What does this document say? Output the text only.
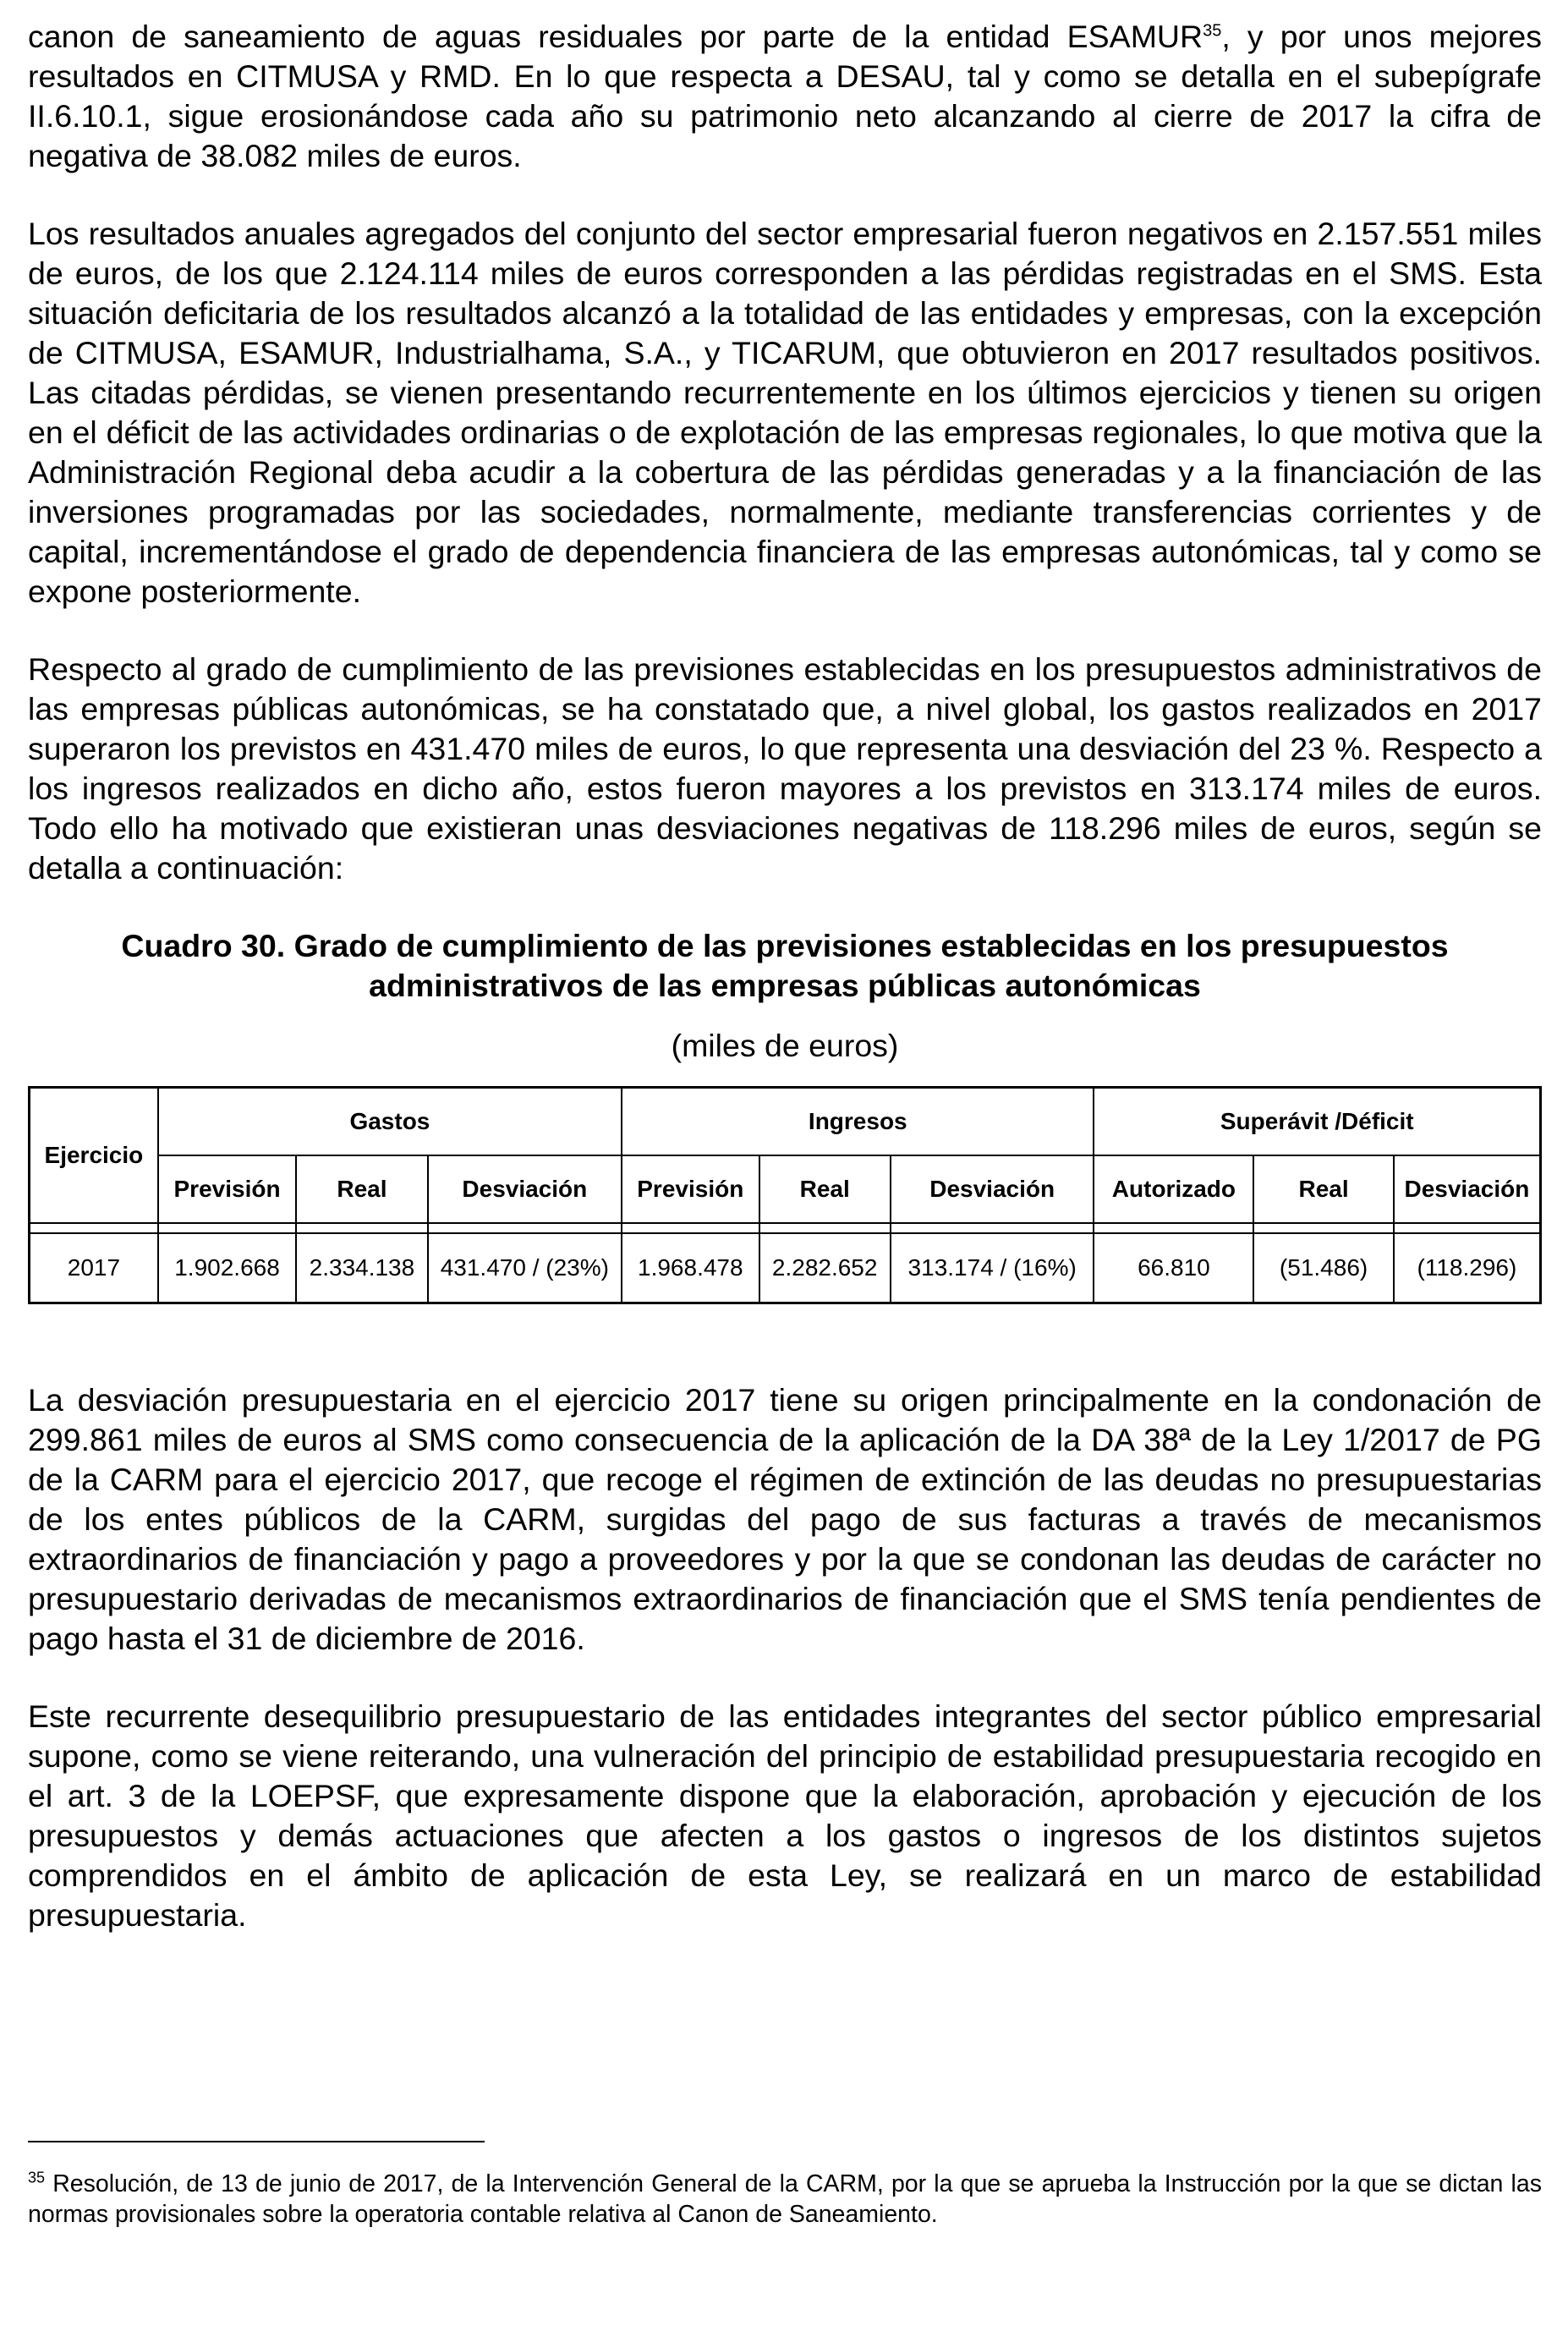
canon de saneamiento de aguas residuales por parte de la entidad ESAMUR$^{35}$, y por unos mejores resultados en CITMUSA y RMD. En lo que respecta a DESAU, tal y como se detalla en el subepígrafe II.6.10.1, sigue erosionándose cada año su patrimonio neto alcanzando al cierre de 2017 la cifra de negativa de 38.082 miles de euros.

Los resultados anuales agregados del conjunto del sector empresarial fueron negativos en 2.157.551 miles de euros, de los que 2.124.114 miles de euros corresponden a las pérdidas registradas en el SMS. Esta situación deficitaria de los resultados alcanzó a la totalidad de las entidades y empresas, con la excepción de CITMUSA, ESAMUR, Industrialhama, S.A., y TICARUM, que obtuvieron en 2017 resultados positivos. Las citadas pérdidas, se vienen presentando recurrentemente en los últimos ejercicios y tienen su origen en el déficit de las actividades ordinarias o de explotación de las empresas regionales, lo que motiva que la Administración Regional deba acudir a la cobertura de las pérdidas generadas y a la financiación de las inversiones programadas por las sociedades, normalmente, mediante transferencias corrientes y de capital, incrementándose el grado de dependencia financiera de las empresas autonómicas, tal y como se expone posteriormente.

Respecto al grado de cumplimiento de las previsiones establecidas en los presupuestos administrativos de las empresas públicas autonómicas, se ha constatado que, a nivel global, los gastos realizados en 2017 superaron los previstos en 431.470 miles de euros, lo que representa una desviación del 23 %. Respecto a los ingresos realizados en dicho año, estos fueron mayores a los previstos en 313.174 miles de euros. Todo ello ha motivado que existieran unas desviaciones negativas de 118.296 miles de euros, según se detalla a continuación:

Cuadro 30. Grado de cumplimiento de las previsiones establecidas en los presupuestos
administrativos de las empresas públicas autonómicas
(miles de euros)
Ejercicio	Gastos			Ingresos			Superávit /Déficit		
	Previsión	Real	Desviación	Previsión	Real	Desviación	Autorizado	Real	Desviación

2017	1.902.668	2.334.138	431.470 / (23%)	1.968.478	2.282.652	313.174 / (16%)	66.810	(51.486)	(118.296)

La desviación presupuestaria en el ejercicio 2017 tiene su origen principalmente en la condonación de 299.861 miles de euros al SMS como consecuencia de la aplicación de la DA 38ª de la Ley 1/2017 de PG de la CARM para el ejercicio 2017, que recoge el régimen de extinción de las deudas no presupuestarias de los entes públicos de la CARM, surgidas del pago de sus facturas a través de mecanismos extraordinarios de financiación y pago a proveedores y por la que se condonan las deudas de carácter no presupuestario derivadas de mecanismos extraordinarios de financiación que el SMS tenía pendientes de pago hasta el 31 de diciembre de 2016.

Este recurrente desequilibrio presupuestario de las entidades integrantes del sector público empresarial supone, como se viene reiterando, una vulneración del principio de estabilidad presupuestaria recogido en el art. 3 de la LOEPSF, que expresamente dispone que la elaboración, aprobación y ejecución de los presupuestos y demás actuaciones que afecten a los gastos o ingresos de los distintos sujetos comprendidos en el ámbito de aplicación de esta Ley, se realizará en un marco de estabilidad presupuestaria.

$^{35}$ Resolución, de 13 de junio de 2017, de la Intervención General de la CARM, por la que se aprueba la Instrucción por la que se dictan las normas provisionales sobre la operatoria contable relativa al Canon de Saneamiento.
